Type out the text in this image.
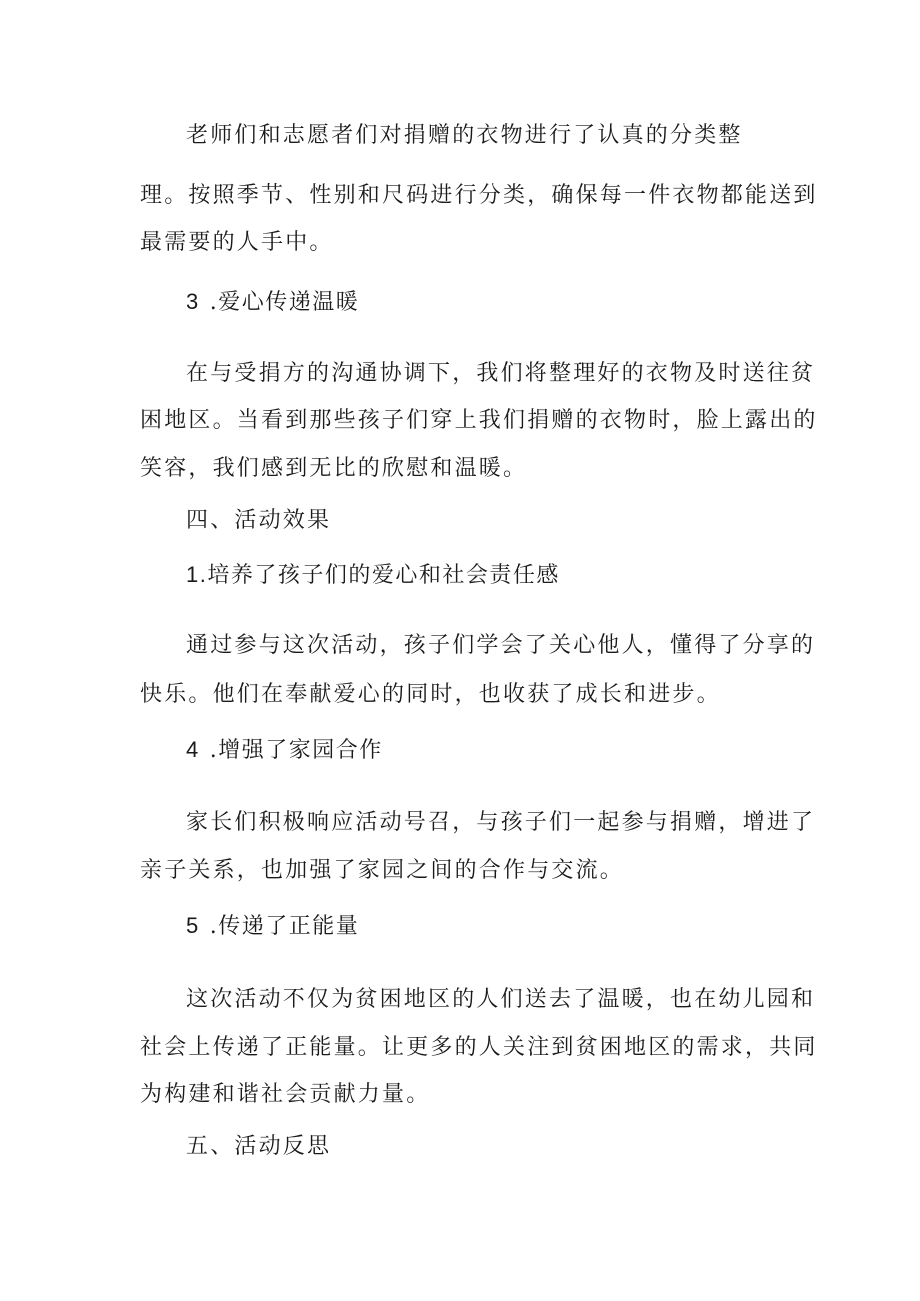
老师们和志愿者们对捐赠的衣物进行了认真的分类整
理。按照季节、性别和尺码进行分类，确保每一件衣物都能送到
最需要的人手中。
3 .爱心传递温暖
在与受捐方的沟通协调下，我们将整理好的衣物及时送往贫
困地区。当看到那些孩子们穿上我们捐赠的衣物时，脸上露出的
笑容，我们感到无比的欣慰和温暖。
四、活动效果
1.培养了孩子们的爱心和社会责任感
通过参与这次活动，孩子们学会了关心他人，懂得了分享的
快乐。他们在奉献爱心的同时，也收获了成长和进步。
4 .增强了家园合作
家长们积极响应活动号召，与孩子们一起参与捐赠，增进了
亲子关系，也加强了家园之间的合作与交流。
5 .传递了正能量
这次活动不仅为贫困地区的人们送去了温暖，也在幼儿园和
社会上传递了正能量。让更多的人关注到贫困地区的需求，共同
为构建和谐社会贡献力量。
五、活动反思
